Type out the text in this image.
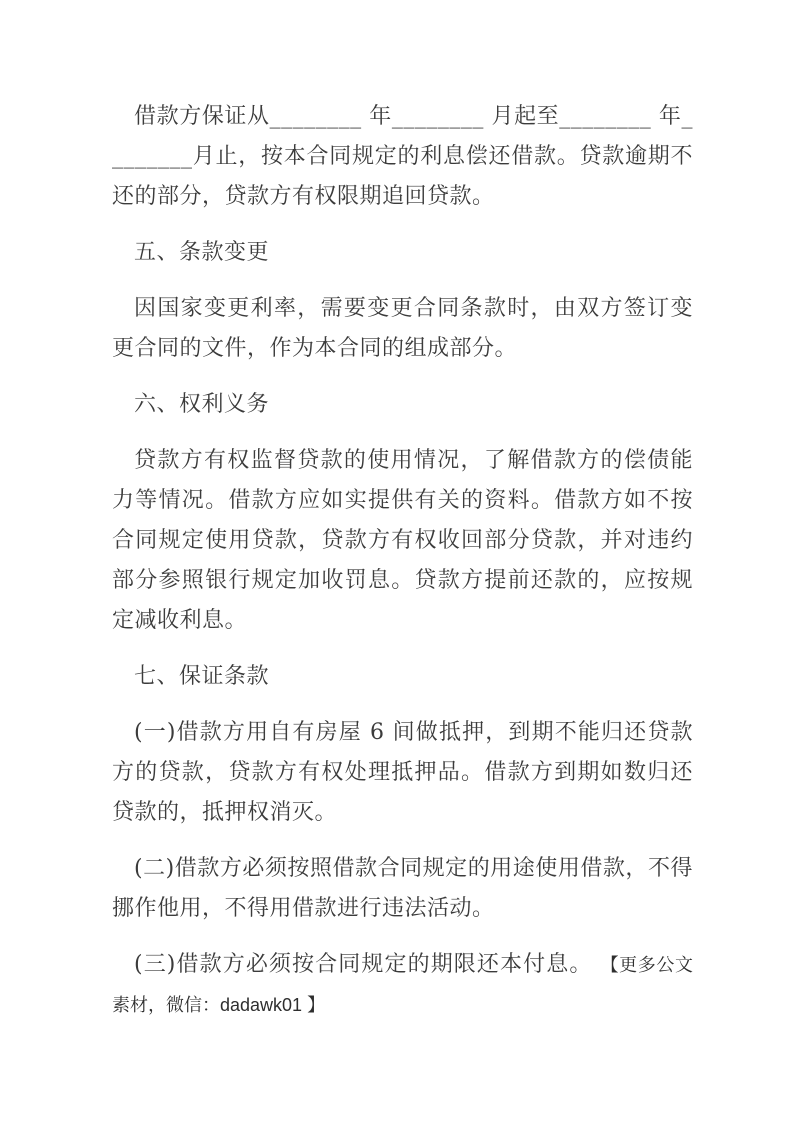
借款方保证从________ 年________ 月起至________ 年________月止，按本合同规定的利息偿还借款。贷款逾期不还的部分，贷款方有权限期追回贷款。

五、条款变更

因国家变更利率，需要变更合同条款时，由双方签订变更合同的文件，作为本合同的组成部分。

六、权利义务

贷款方有权监督贷款的使用情况，了解借款方的偿债能力等情况。借款方应如实提供有关的资料。借款方如不按合同规定使用贷款，贷款方有权收回部分贷款，并对违约部分参照银行规定加收罚息。贷款方提前还款的，应按规定减收利息。

七、保证条款

(一)借款方用自有房屋 6 间做抵押，到期不能归还贷款方的贷款，贷款方有权处理抵押品。借款方到期如数归还贷款的，抵押权消灭。

(二)借款方必须按照借款合同规定的用途使用借款，不得挪作他用，不得用借款进行违法活动。

(三)借款方必须按合同规定的期限还本付息。 【更多公文素材，微信：dadawk01 】
